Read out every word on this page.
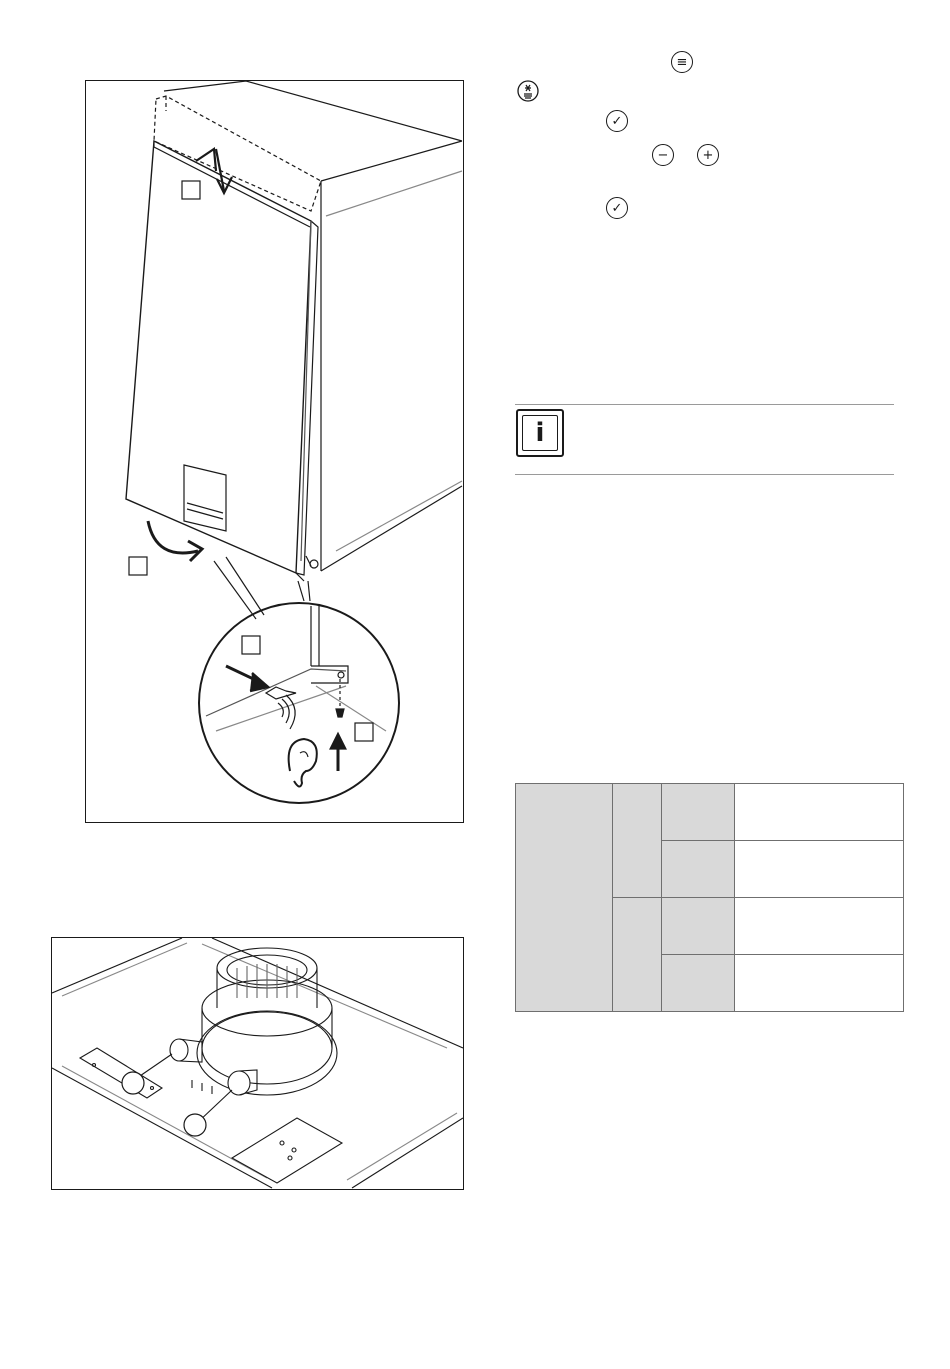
≡
✓
−	+
✓
i
